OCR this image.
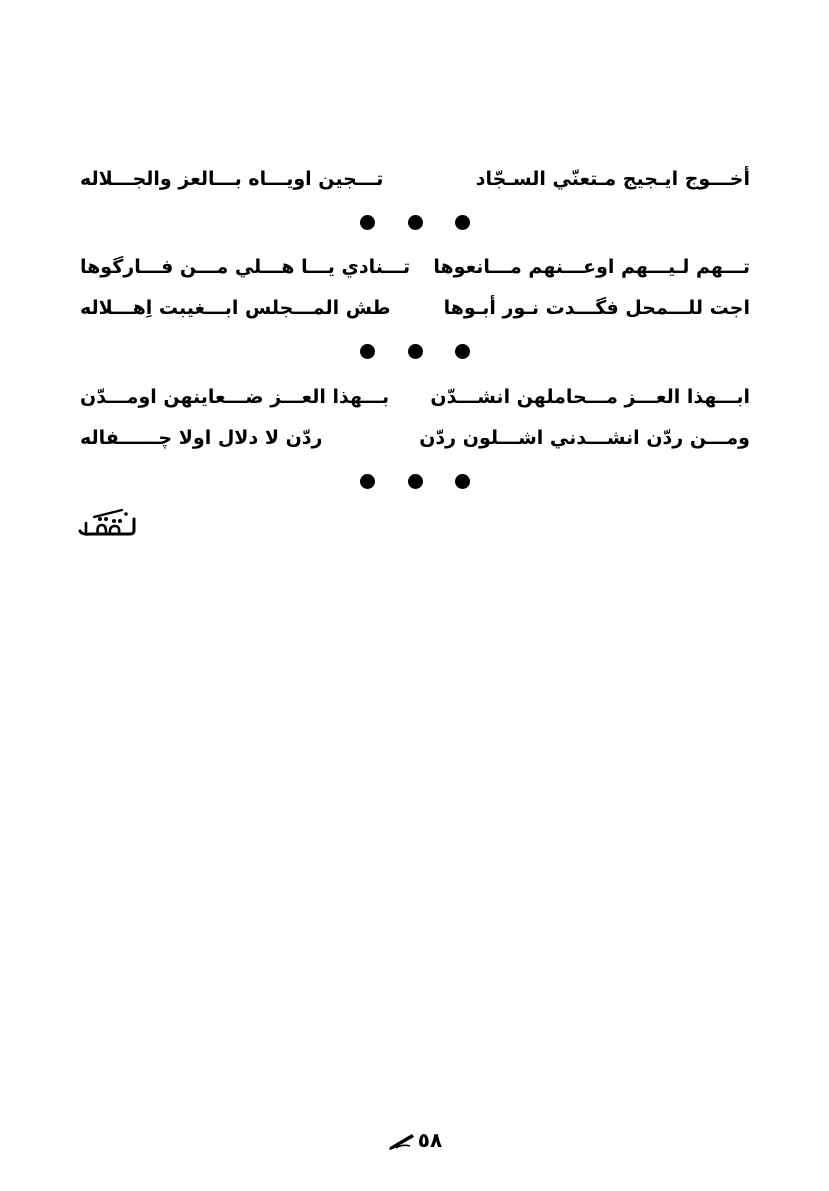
أخـــوج ايـجيج مـتعنّي السـجّاد
تـــجين اويـــاه بـــالعز والجـــلاله
تـــهم لـيـــهم اوعـــنهم مـــانعوها
تـــنادي يـــا هـــلي مـــن فـــارگوها
اجت للـــمحل فگـــدت نـور أبـوها
طش المـــجلس ابـــغيبت اِهـــلاله
ابـــهذا العـــز مـــحاملهن انشـــدّن
بـــهذا العـــز ضـــعاينهن اومـــدّن
ومـــن ردّن انشـــدني اشـــلون ردّن
ردّن لا دلال اولا چــــــفاله
٥٨
